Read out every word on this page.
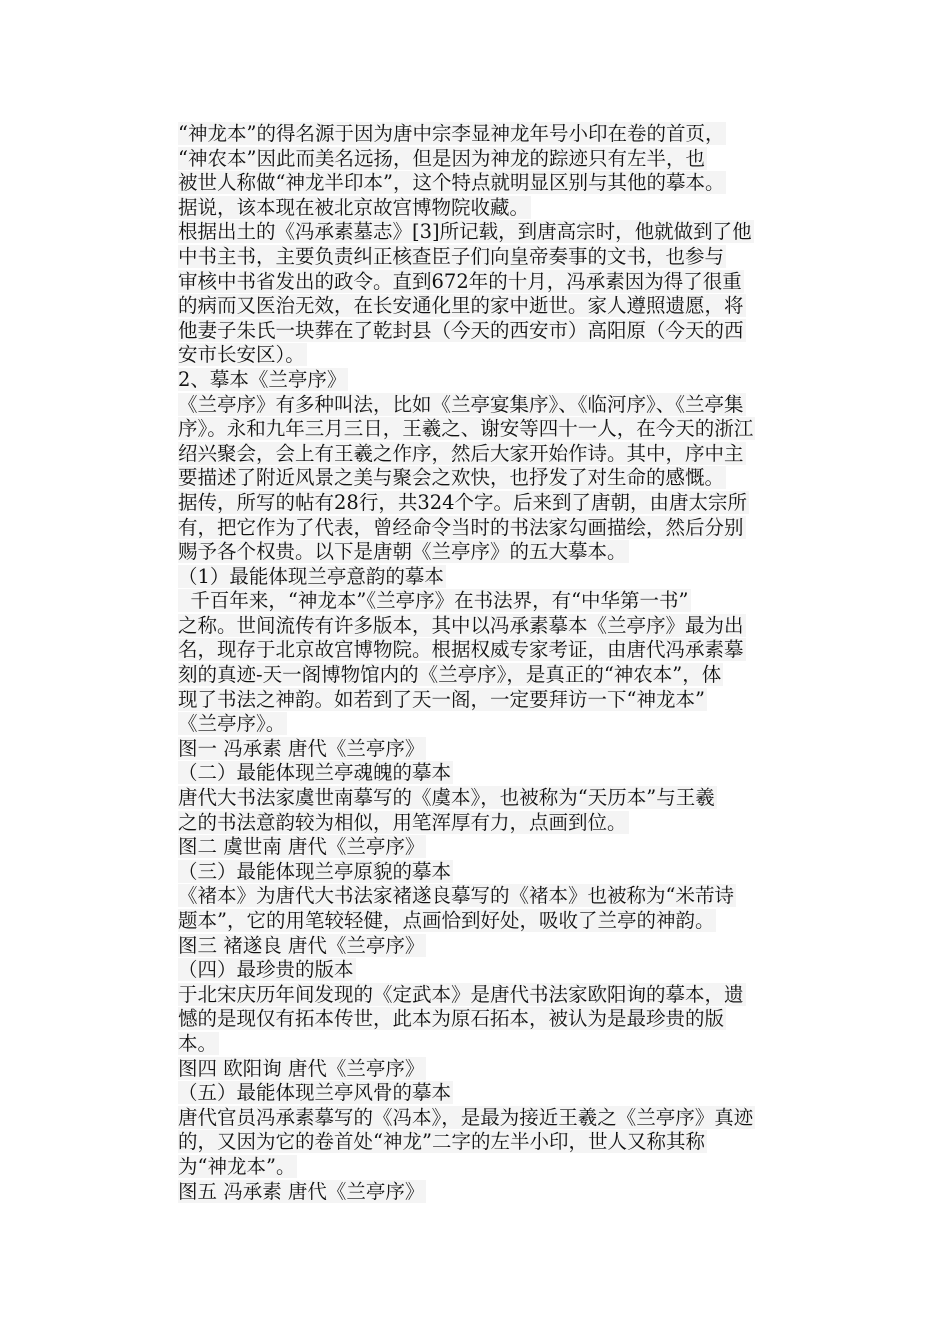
“神龙本”的得名源于因为唐中宗李显神龙年号小印在卷的首页，
“神农本”因此而美名远扬，但是因为神龙的踪迹只有左半，也
被世人称做“神龙半印本”，这个特点就明显区别与其他的摹本。
据说，该本现在被北京故宫博物院收藏。
根据出土的《冯承素墓志》[3]所记载，到唐高宗时，他就做到了他
中书主书，主要负责纠正核查臣子们向皇帝奏事的文书，也参与
审核中书省发出的政令。直到672年的十月，冯承素因为得了很重
的病而又医治无效，在长安通化里的家中逝世。家人遵照遗愿，将
他妻子朱氏一块葬在了乾封县（今天的西安市）高阳原（今天的西
安市长安区）。
2、摹本《兰亭序》
《兰亭序》有多种叫法，比如《兰亭宴集序》、《临河序》、《兰亭集
序》。永和九年三月三日，王羲之、谢安等四十一人，在今天的浙江
绍兴聚会，会上有王羲之作序，然后大家开始作诗。其中，序中主
要描述了附近风景之美与聚会之欢快，也抒发了对生命的感慨。
据传，所写的帖有28行，共324个字。后来到了唐朝，由唐太宗所
有，把它作为了代表，曾经命令当时的书法家勾画描绘，然后分别
赐予各个权贵。以下是唐朝《兰亭序》的五大摹本。
（1）最能体现兰亭意韵的摹本
千百年来，“神龙本”《兰亭序》在书法界，有“中华第一书”
之称。世间流传有许多版本，其中以冯承素摹本《兰亭序》最为出
名，现存于北京故宫博物院。根据权威专家考证，由唐代冯承素摹
刻的真迹-天一阁博物馆内的《兰亭序》，是真正的“神农本”，体
现了书法之神韵。如若到了天一阁，一定要拜访一下“神龙本”
《兰亭序》。
图一 冯承素 唐代《兰亭序》
（二）最能体现兰亭魂魄的摹本
唐代大书法家虞世南摹写的《虞本》，也被称为“天历本”与王羲
之的书法意韵较为相似，用笔浑厚有力，点画到位。
图二 虞世南 唐代《兰亭序》
（三）最能体现兰亭原貌的摹本
《褚本》为唐代大书法家褚遂良摹写的《褚本》也被称为“米芾诗
题本”，它的用笔较轻健，点画恰到好处，吸收了兰亭的神韵。
图三 褚遂良 唐代《兰亭序》
（四）最珍贵的版本
于北宋庆历年间发现的《定武本》是唐代书法家欧阳询的摹本，遗
憾的是现仅有拓本传世，此本为原石拓本，被认为是最珍贵的版
本。
图四 欧阳询 唐代《兰亭序》
（五）最能体现兰亭风骨的摹本
唐代官员冯承素摹写的《冯本》，是最为接近王羲之《兰亭序》真迹
的，又因为它的卷首处“神龙”二字的左半小印，世人又称其称
为“神龙本”。
图五 冯承素 唐代《兰亭序》
